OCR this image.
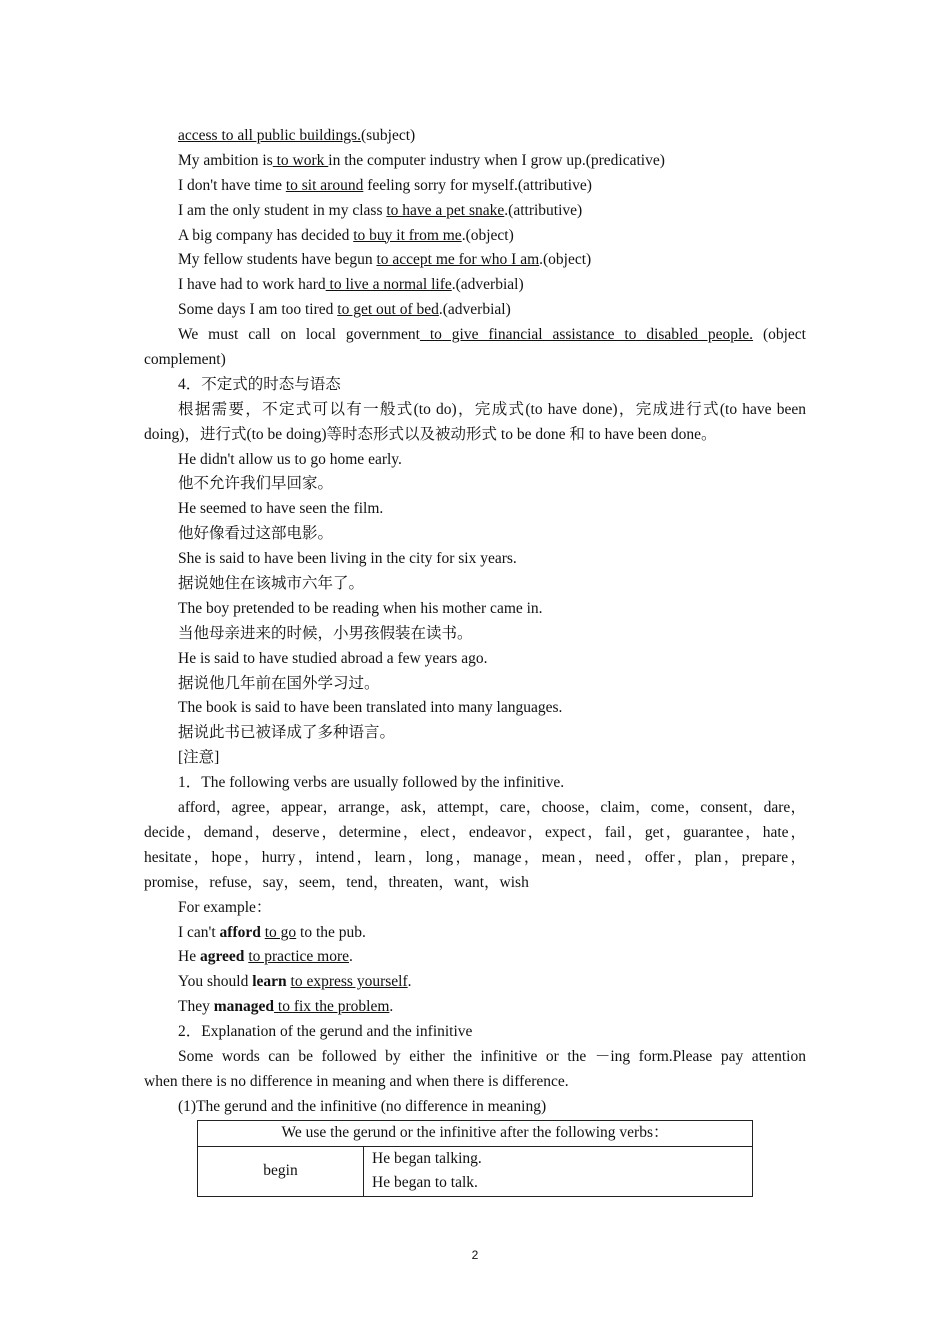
access to all public buildings.(subject)
My ambition is to work in the computer industry when I grow up.(predicative)
I don't have time to sit around feeling sorry for myself.(attributive)
I am the only student in my class to have a pet snake.(attributive)
A big company has decided to buy it from me.(object)
My fellow students have begun to accept me for who I am.(object)
I have had to work hard to live a normal life.(adverbial)
Some days I am too tired to get out of bed.(adverbial)
We must call on local government to give financial assistance to disabled people. (object
complement)
4．不定式的时态与语态
根据需要，不定式可以有一般式(to do)，完成式(to have done)，完成进行式(to have been
doing)，进行式(to be doing)等时态形式以及被动形式 to be done 和 to have been done。
He didn't allow us to go home early.
他不允许我们早回家。
He seemed to have seen the film.
他好像看过这部电影。
She is said to have been living in the city for six years.
据说她住在该城市六年了。
The boy pretended to be reading when his mother came in.
当他母亲进来的时候，小男孩假装在读书。
He is said to have studied abroad a few years ago.
据说他几年前在国外学习过。
The book is said to have been translated into many languages.
据说此书已被译成了多种语言。
[注意]
1．The following verbs are usually followed by the infinitive.
afford，agree，appear，arrange，ask，attempt，care，choose，claim，come，consent，dare，
decide，demand，deserve，determine，elect，endeavor，expect，fail，get，guarantee，hate，
hesitate，hope，hurry，intend，learn，long，manage，mean，need，offer，plan，prepare，
promise，refuse，say，seem，tend，threaten，want，wish
For example：
I can't afford to go to the pub.
He agreed to practice more.
You should learn to express yourself.
They managed to fix the problem.
2．Explanation of the gerund and the infinitive
Some words can be followed by either the infinitive or the －ing form.Please pay attention
when there is no difference in meaning and when there is difference.
(1)The gerund and the infinitive (no difference in meaning)
We use the gerund or the infinitive after the following verbs：
begin	He began talking.
He began to talk.
2
